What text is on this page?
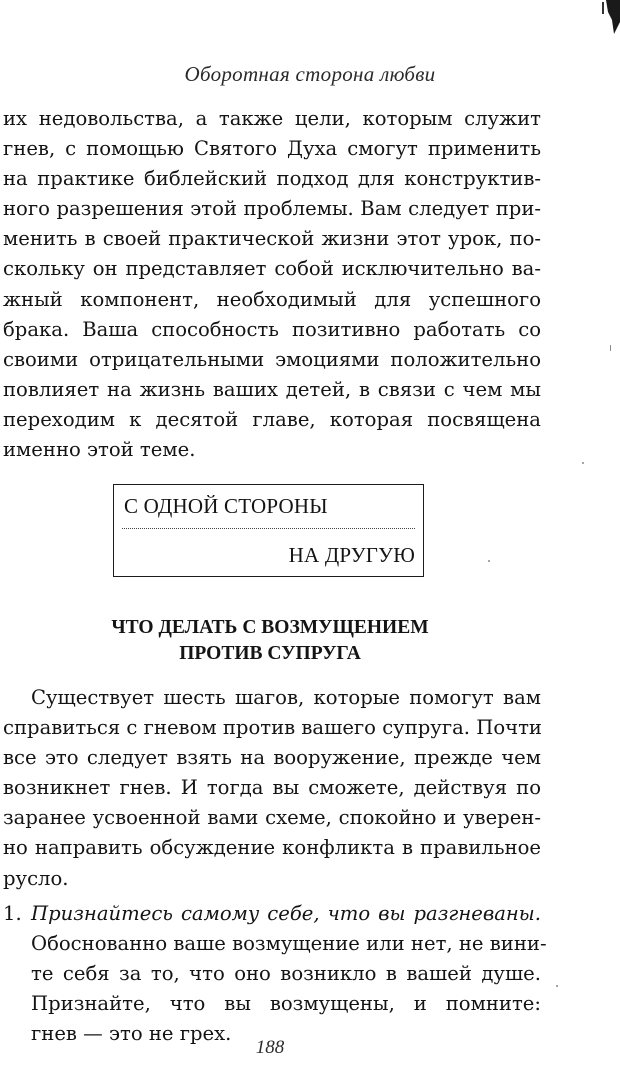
Оборотная сторона любви
их недовольства, а также цели, которым служит
гнев, с помощью Святого Духа смогут применить
на практике библейский подход для конструктив-
ного разрешения этой проблемы. Вам следует при-
менить в своей практической жизни этот урок, по-
скольку он представляет собой исключительно ва-
жный компонент, необходимый для успешного
брака. Ваша способность позитивно работать со
своими отрицательными эмоциями положительно
повлияет на жизнь ваших детей, в связи с чем мы
переходим к десятой главе, которая посвящена
именно этой теме.
С ОДНОЙ СТОРОНЫ
НА ДРУГУЮ
ЧТО ДЕЛАТЬ С ВОЗМУЩЕНИЕМ
ПРОТИВ СУПРУГА
Существует шесть шагов, которые помогут вам
справиться с гневом против вашего супруга. Почти
все это следует взять на вооружение, прежде чем
возникнет гнев. И тогда вы сможете, действуя по
заранее усвоенной вами схеме, спокойно и уверен-
но направить обсуждение конфликта в правильное
русло.
1. Признайтесь самому себе, что вы разгневаны.
Обоснованно ваше возмущение или нет, не вини-
те себя за то, что оно возникло в вашей душе.
Признайте, что вы возмущены, и помните:
гнев — это не грех.
188
